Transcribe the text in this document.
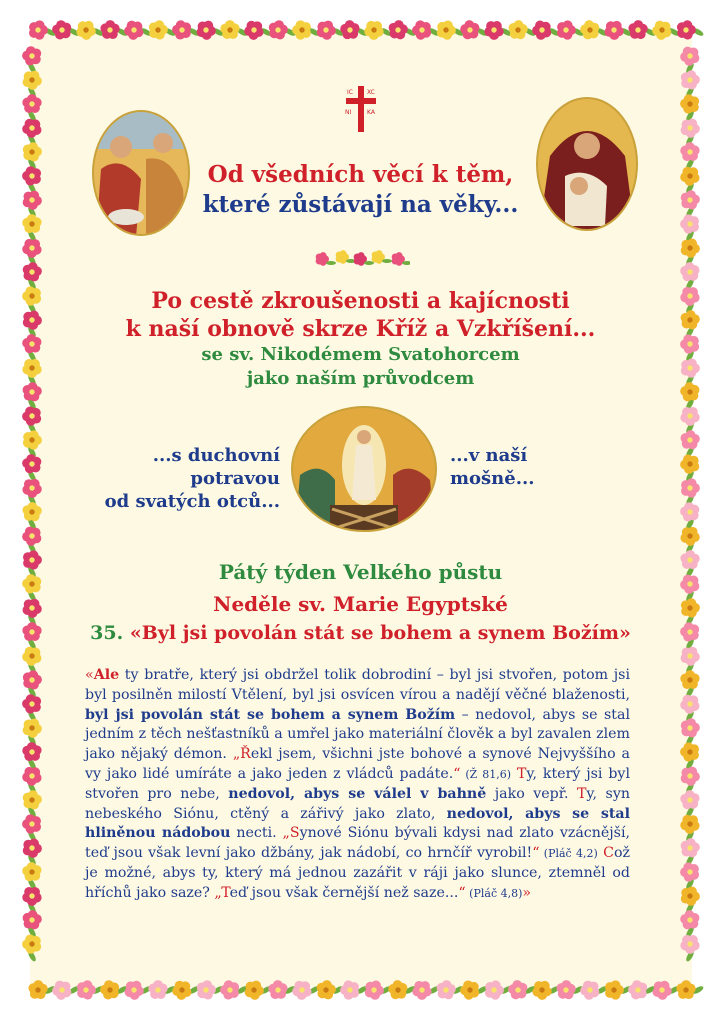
IC XC
NI	KA
Od všedních věcí k těm,
které zůstávají na věky...
Po cestě zkroušenosti a kajícnosti
k naší obnově skrze Kříž a Vzkříšení...
se sv. Nikodémem Svatohorcem
jako naším průvodcem
...s duchovní
potravou
od svatých otců...
...v naší
mošně...
Pátý týden Velkého půstu
Neděle sv. Marie Egyptské
35. «Byl jsi povolán stát se bohem a synem Božím»
«Ale ty bratře, který jsi obdržel tolik dobrodiní – byl jsi stvořen, potom jsi byl posilněn milostí Vtělení, byl jsi osvícen vírou a nadějí věčné blaženosti, byl jsi povolán stát se bohem a synem Božím – nedovol, abys se stal jedním z těch nešťastníků a umřel jako materiální člověk a byl zavalen zlem jako nějaký démon. „Řekl jsem, všichni jste bohové a synové Nejvyššího a vy jako lidé umíráte a jako jeden z vládců padáte.“ (Ž 81,6) Ty, který jsi byl stvořen pro nebe, nedovol, abys se válel v bahně jako vepř. Ty, syn nebeského Siónu, ctěný a zářivý jako zlato, nedovol, abys se stal hliněnou nádobou necti. „Synové Siónu bývali kdysi nad zlato vzácnější, teď jsou však levní jako džbány, jak nádobí, co hrnčíř vyrobil!“ (Pláč 4,2) Což je možné, abys ty, který má jednou zazářit v ráji jako slunce, ztemněl od hříchů jako saze? „Teď jsou však černější než saze...“ (Pláč 4,8)»
